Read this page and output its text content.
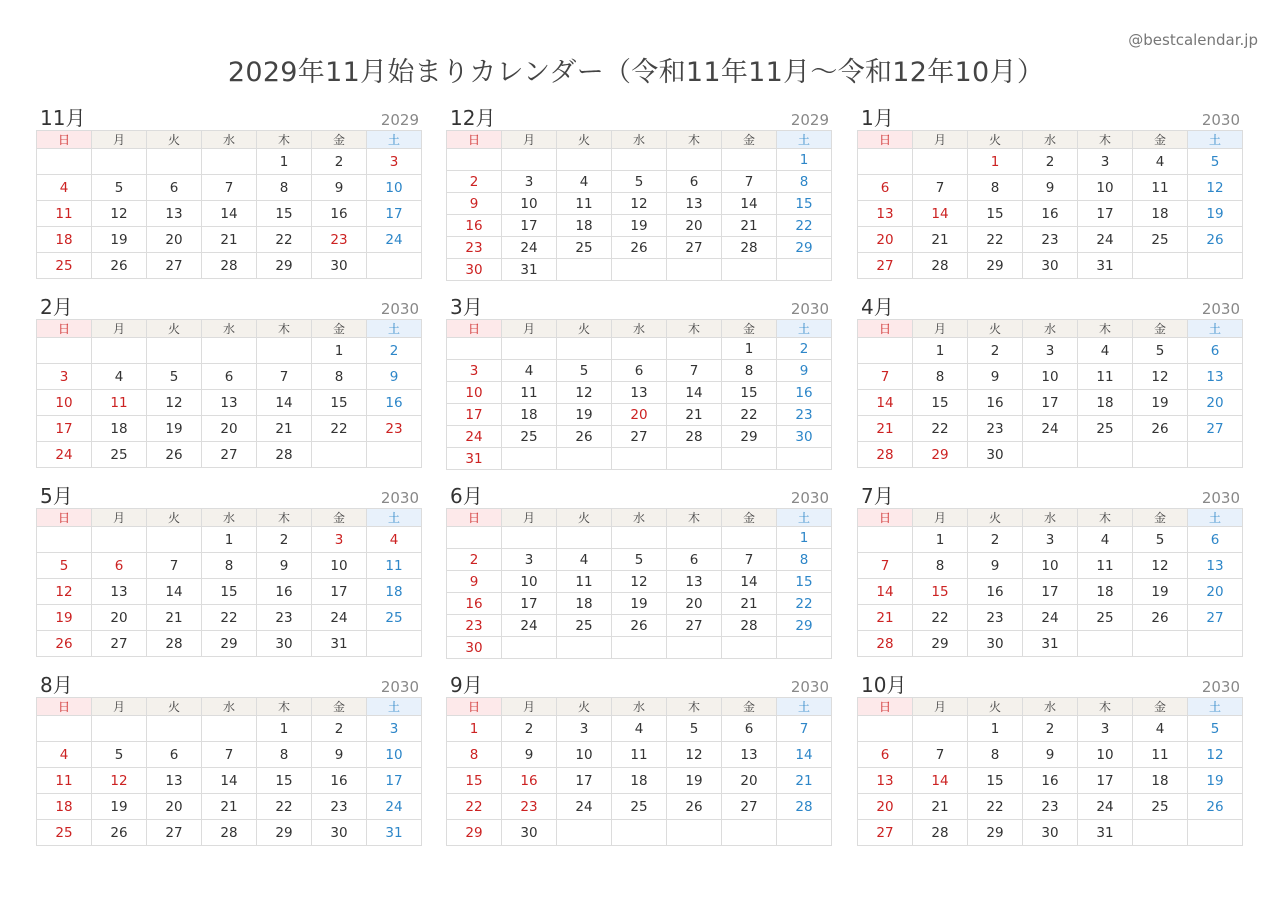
2029年11月始まりカレンダー（令和11年11月〜令和12年10月）
@bestcalendar.jp
11月	2029
日	月	火	水	木	金	土
				1	2	3
4	5	6	7	8	9	10
11	12	13	14	15	16	17
18	19	20	21	22	23	24
25	26	27	28	29	30	
12月	2029
日	月	火	水	木	金	土
						1
2	3	4	5	6	7	8
9	10	11	12	13	14	15
16	17	18	19	20	21	22
23	24	25	26	27	28	29
30	31					
1月	2030
日	月	火	水	木	金	土
		1	2	3	4	5
6	7	8	9	10	11	12
13	14	15	16	17	18	19
20	21	22	23	24	25	26
27	28	29	30	31		
2月	2030
日	月	火	水	木	金	土
					1	2
3	4	5	6	7	8	9
10	11	12	13	14	15	16
17	18	19	20	21	22	23
24	25	26	27	28		
3月	2030
日	月	火	水	木	金	土
					1	2
3	4	5	6	7	8	9
10	11	12	13	14	15	16
17	18	19	20	21	22	23
24	25	26	27	28	29	30
31						
4月	2030
日	月	火	水	木	金	土
	1	2	3	4	5	6
7	8	9	10	11	12	13
14	15	16	17	18	19	20
21	22	23	24	25	26	27
28	29	30				
5月	2030
日	月	火	水	木	金	土
			1	2	3	4
5	6	7	8	9	10	11
12	13	14	15	16	17	18
19	20	21	22	23	24	25
26	27	28	29	30	31	
6月	2030
日	月	火	水	木	金	土
						1
2	3	4	5	6	7	8
9	10	11	12	13	14	15
16	17	18	19	20	21	22
23	24	25	26	27	28	29
30						
7月	2030
日	月	火	水	木	金	土
	1	2	3	4	5	6
7	8	9	10	11	12	13
14	15	16	17	18	19	20
21	22	23	24	25	26	27
28	29	30	31			
8月	2030
日	月	火	水	木	金	土
				1	2	3
4	5	6	7	8	9	10
11	12	13	14	15	16	17
18	19	20	21	22	23	24
25	26	27	28	29	30	31
9月	2030
日	月	火	水	木	金	土
1	2	3	4	5	6	7
8	9	10	11	12	13	14
15	16	17	18	19	20	21
22	23	24	25	26	27	28
29	30					
10月	2030
日	月	火	水	木	金	土
		1	2	3	4	5
6	7	8	9	10	11	12
13	14	15	16	17	18	19
20	21	22	23	24	25	26
27	28	29	30	31		
